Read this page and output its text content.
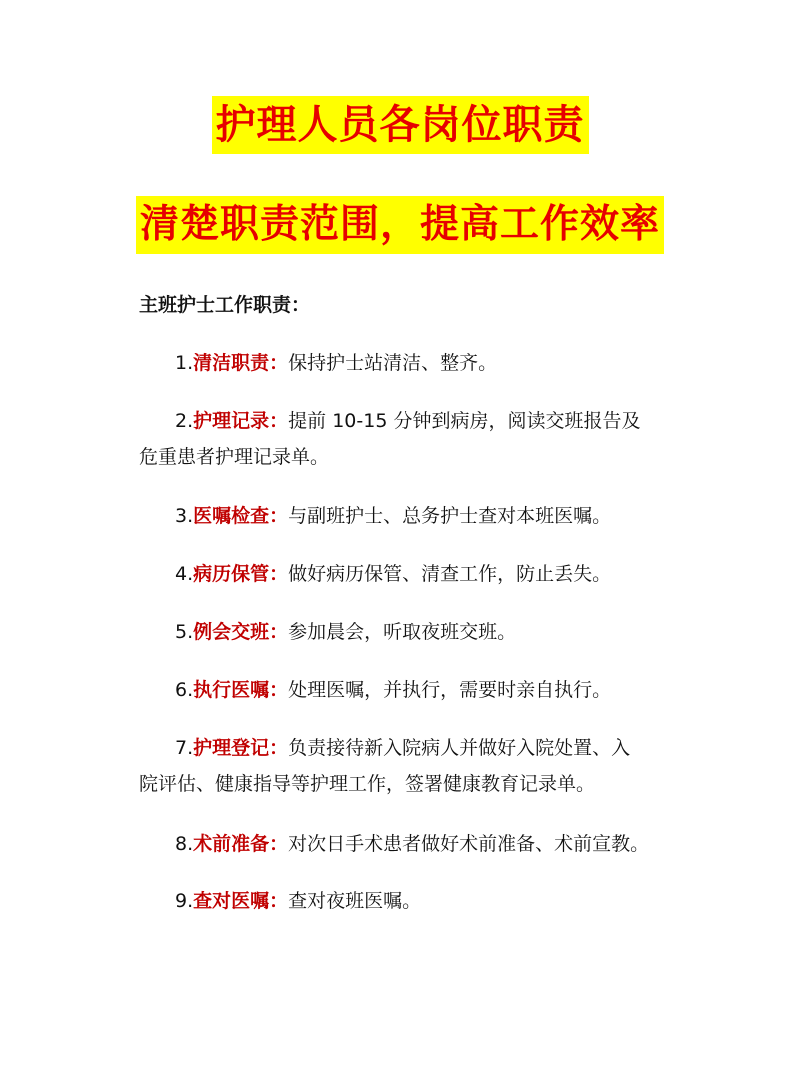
护理人员各岗位职责
清楚职责范围，提高工作效率
主班护士工作职责：
1.清洁职责：保持护士站清洁、整齐。
2.护理记录：提前 10-15 分钟到病房，阅读交班报告及
危重患者护理记录单。
3.医嘱检查：与副班护士、总务护士查对本班医嘱。
4.病历保管：做好病历保管、清查工作，防止丢失。
5.例会交班：参加晨会，听取夜班交班。
6.执行医嘱：处理医嘱，并执行，需要时亲自执行。
7.护理登记：负责接待新入院病人并做好入院处置、入
院评估、健康指导等护理工作，签署健康教育记录单。
8.术前准备：对次日手术患者做好术前准备、术前宣教。
9.查对医嘱：查对夜班医嘱。
